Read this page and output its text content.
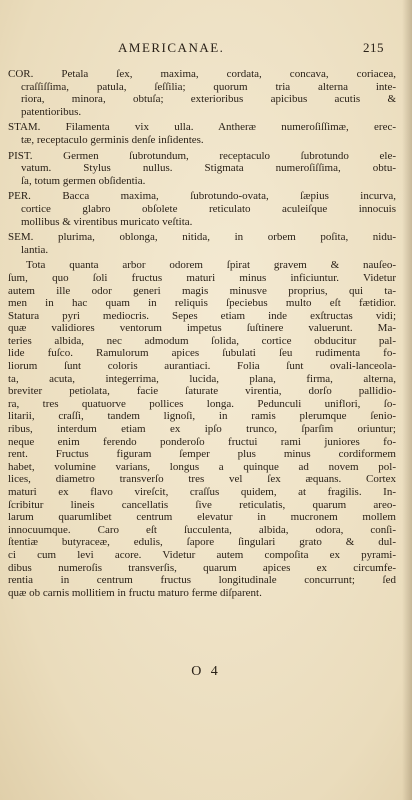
AMERICANAE.	215
COR. Petala ſex, maxima, cordata, concava, coriacea,
craſſiſſima, patula, ſeſſilia; quorum tria alterna inte-
riora, minora, obtuſa; exterioribus apicibus acutis &
patentioribus.
STAM. Filamenta vix ulla. Antheræ numeroſiſſimæ, erec-
tæ, receptaculo germinis denſe inſidentes.
PIST. Germen ſubrotundum, receptaculo ſubrotundo ele-
vatum. Stylus nullus. Stigmata numeroſiſſima, obtu-
ſa, totum germen obſidentia.
PER. Bacca maxima, ſubrotundo-ovata, ſæpius incurva,
cortice glabro obſolete reticulato aculeiſque innocuis
mollibus & virentibus muricato veſtita.
SEM. plurima, oblonga, nitida, in orbem poſita, nidu-
lantia.
Tota quanta arbor odorem ſpirat gravem & nauſeo-
ſum, quo ſoli fructus maturi minus inficiuntur. Videtur
autem ille odor generi magis minusve proprius, qui ta-
men in hac quam in reliquis ſpeciebus multo eſt fætidior.
Statura pyri mediocris. Sepes etiam inde exſtructas vidi;
quæ validiores ventorum impetus ſuſtinere valuerunt. Ma-
teries albida, nec admodum ſolida, cortice obducitur pal-
lide fuſco. Ramulorum apices ſubulati ſeu rudimenta fo-
liorum ſunt coloris aurantiaci. Folia ſunt ovali-lanceola-
ta, acuta, integerrima, lucida, plana, firma, alterna,
breviter petiolata, facie ſaturate virentia, dorſo pallidio-
ra, tres quatuorve pollices longa. Pedunculi uniflori, ſo-
litarii, craſſi, tandem lignoſi, in ramis plerumque ſenio-
ribus, interdum etiam ex ipſo trunco, ſparſim oriuntur;
neque enim ferendo ponderoſo fructui rami juniores fo-
rent. Fructus figuram ſemper plus minus cordiformem
habet, volumine varians, longus a quinque ad novem pol-
lices, diametro transverſo tres vel ſex æquans. Cortex
maturi ex flavo vireſcit, craſſus quidem, at fragilis. In-
ſcribitur lineis cancellatis ſive reticulatis, quarum areo-
larum quarumlibet centrum elevatur in mucronem mollem
innocuumque. Caro eſt ſucculenta, albida, odora, conſi-
ſtentiæ butyraceæ, edulis, ſapore ſingulari grato & dul-
ci cum levi acore. Videtur autem compoſita ex pyrami-
dibus numeroſis transverſis, quarum apices ex circumfe-
rentia in centrum fructus longitudinale concurrunt; ſed
quæ ob carnis mollitiem in fructu maturo ferme diſparent.
O 4
